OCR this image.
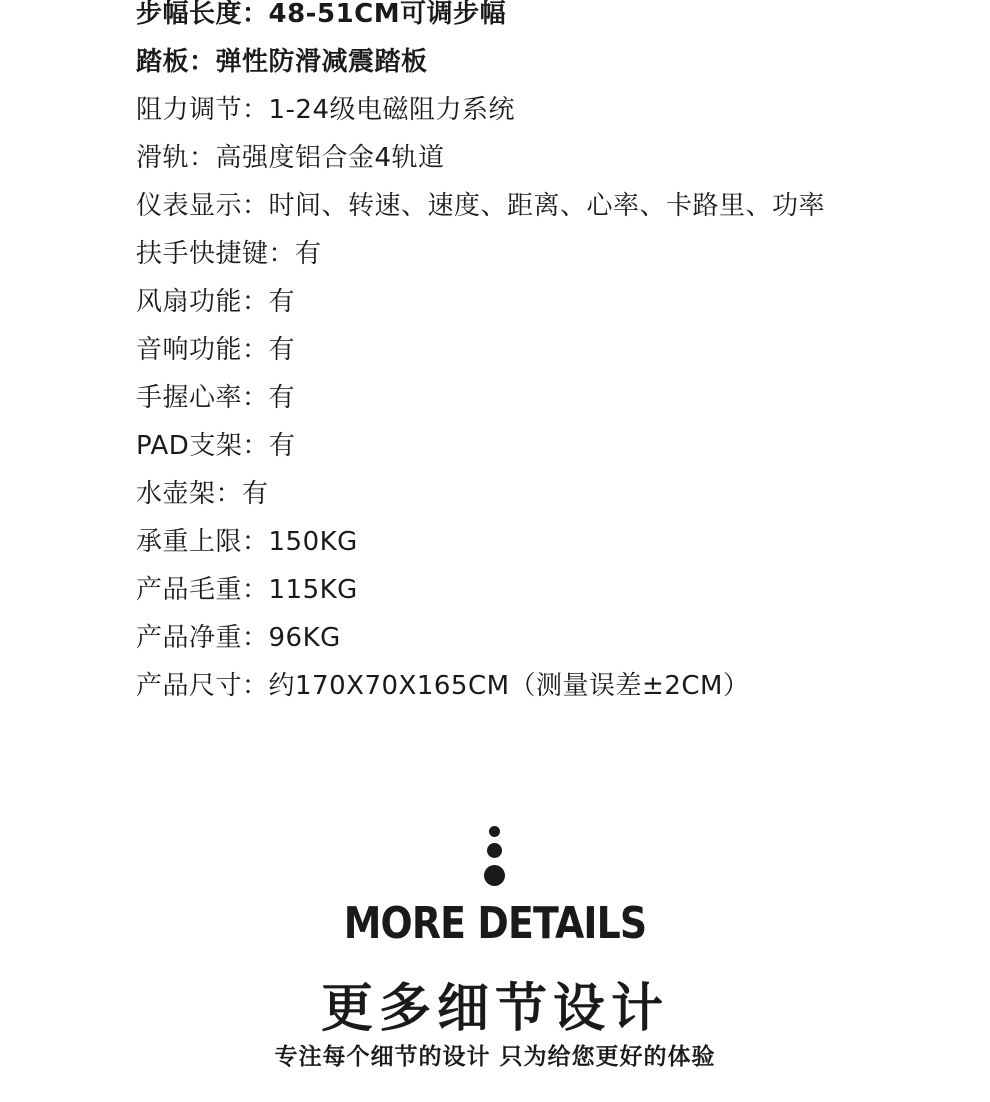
步幅长度：48-51CM可调步幅
踏板：弹性防滑减震踏板
阻力调节：1-24级电磁阻力系统
滑轨：高强度铝合金4轨道
仪表显示：时间、转速、速度、距离、心率、卡路里、功率
扶手快捷键：有
风扇功能：有
音响功能：有
手握心率：有
PAD支架：有
水壶架：有
承重上限：150KG
产品毛重：115KG
产品净重：96KG
产品尺寸：约170X70X165CM（测量误差±2CM）
MORE DETAILS
更多细节设计
专注每个细节的设计 只为给您更好的体验
